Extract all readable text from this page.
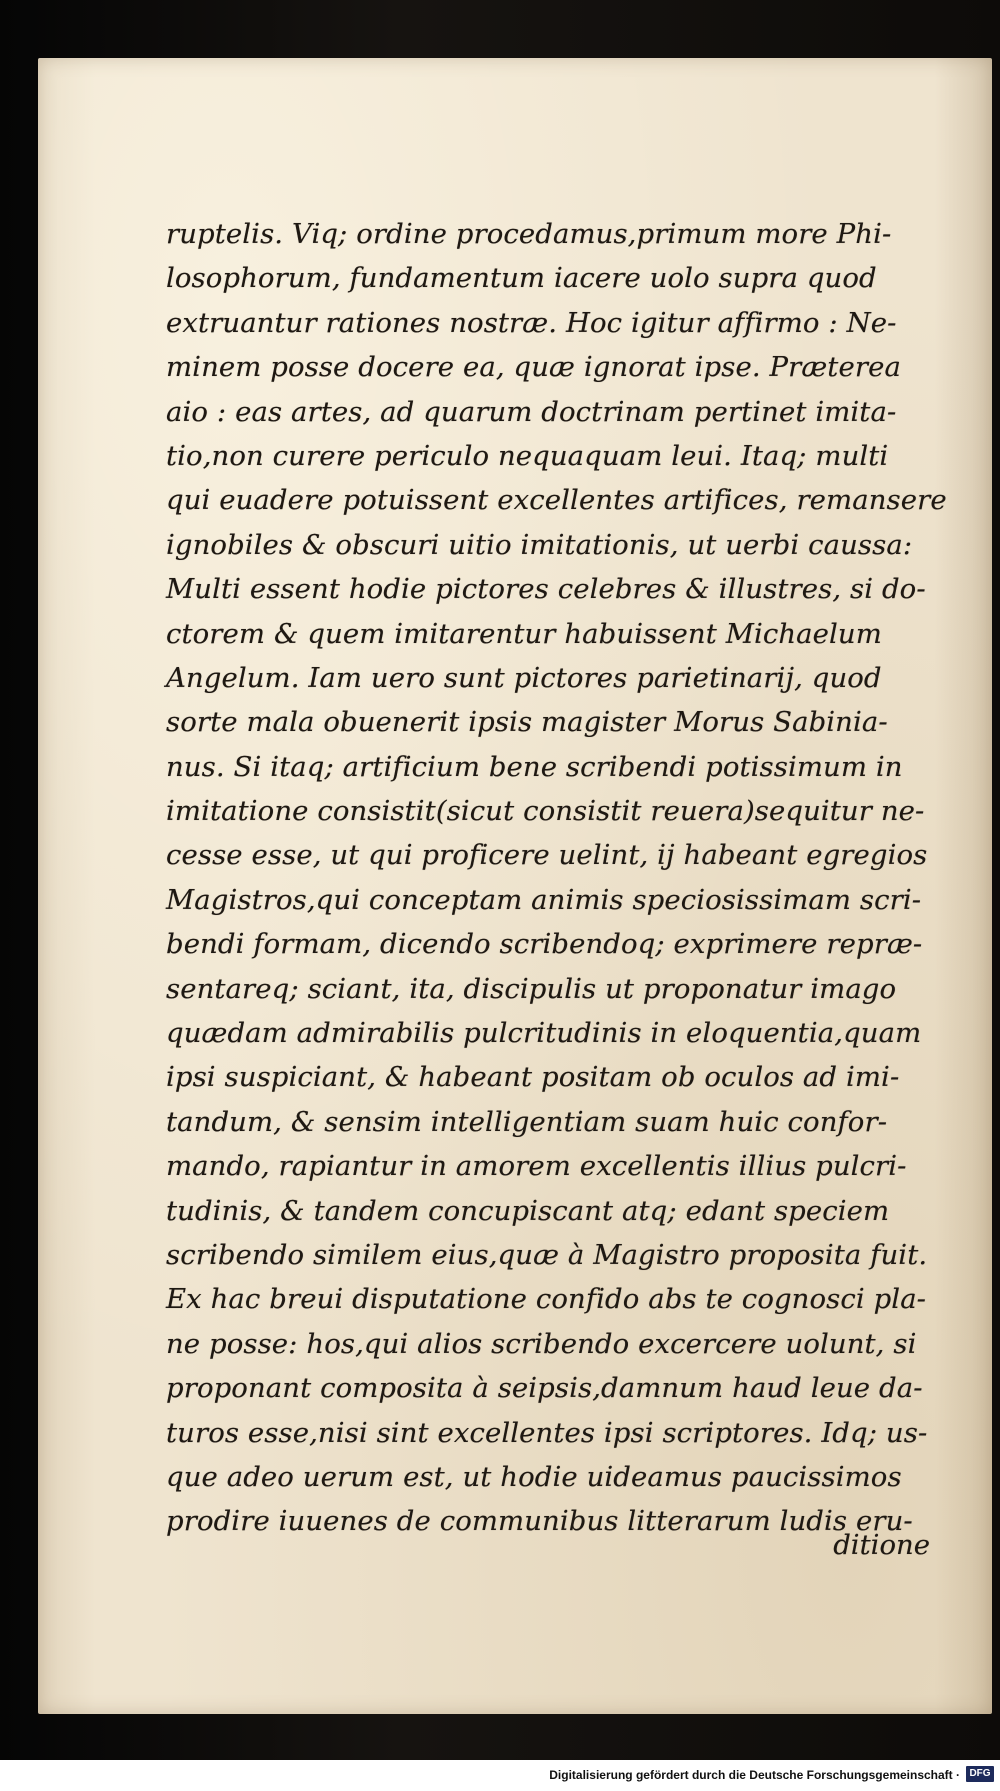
ruptelis. Viq; ordine procedamus,primum more Phi-
losophorum, fundamentum iacere uolo supra quod
extruantur rationes nostræ. Hoc igitur affirmo : Ne-
minem posse docere ea, quæ ignorat ipse. Præterea
aio : eas artes, ad quarum doctrinam pertinet imita-
tio,non curere periculo nequaquam leui. Itaq; multi
qui euadere potuissent excellentes artifices, remansere
ignobiles & obscuri uitio imitationis, ut uerbi caussa:
Multi essent hodie pictores celebres & illustres, si do-
ctorem & quem imitarentur habuissent Michaelum
Angelum. Iam uero sunt pictores parietinarij, quod
sorte mala obuenerit ipsis magister Morus Sabinia-
nus. Si itaq; artificium bene scribendi potissimum in
imitatione consistit(sicut consistit reuera)sequitur ne-
cesse esse, ut qui proficere uelint, ij habeant egregios
Magistros,qui conceptam animis speciosissimam scri-
bendi formam, dicendo scribendoq; exprimere repræ-
sentareq; sciant, ita, discipulis ut proponatur imago
quædam admirabilis pulcritudinis in eloquentia,quam
ipsi suspiciant, & habeant positam ob oculos ad imi-
tandum, & sensim intelligentiam suam huic confor-
mando, rapiantur in amorem excellentis illius pulcri-
tudinis, & tandem concupiscant atq; edant speciem
scribendo similem eius,quæ à Magistro proposita fuit.
Ex hac breui disputatione confido abs te cognosci pla-
ne posse: hos,qui alios scribendo excercere uolunt, si
proponant composita à seipsis,damnum haud leue da-
turos esse,nisi sint excellentes ipsi scriptores. Idq; us-
que adeo uerum est, ut hodie uideamus paucissimos
prodire iuuenes de communibus litterarum ludis eru-
ditione
Digitalisierung gefördert durch die Deutsche Forschungsgemeinschaft · DFG
